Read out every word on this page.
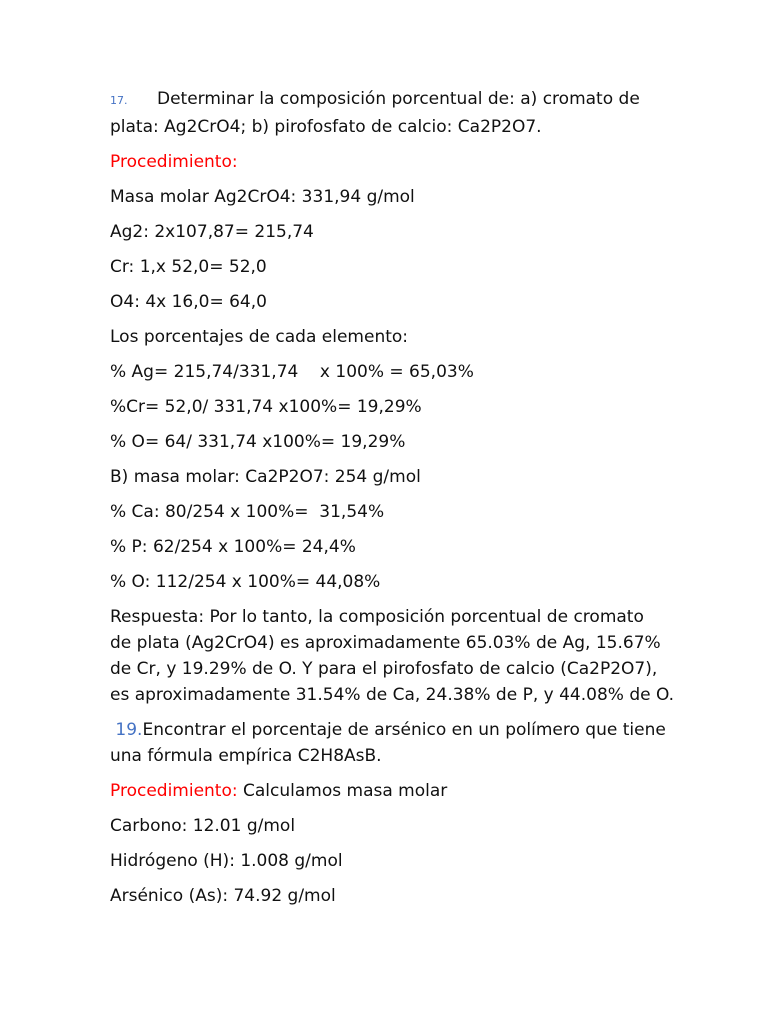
17. Determinar la composición porcentual de: a) cromato de
plata: Ag2CrO4; b) pirofosfato de calcio: Ca2P2O7.
Procedimiento:
Masa molar Ag2CrO4: 331,94 g/mol
Ag2: 2x107,87= 215,74
Cr: 1,x 52,0= 52,0
O4: 4x 16,0= 64,0
Los porcentajes de cada elemento:
% Ag= 215,74/331,74    x 100% = 65,03%
%Cr= 52,0/ 331,74 x100%= 19,29%
% O= 64/ 331,74 x100%= 19,29%
B) masa molar: Ca2P2O7: 254 g/mol
% Ca: 80/254 x 100%=  31,54%
% P: 62/254 x 100%= 24,4%
% O: 112/254 x 100%= 44,08%
Respuesta: Por lo tanto, la composición porcentual de cromato
de plata (Ag2CrO4) es aproximadamente 65.03% de Ag, 15.67%
de Cr, y 19.29% de O. Y para el pirofosfato de calcio (Ca2P2O7),
es aproximadamente 31.54% de Ca, 24.38% de P, y 44.08% de O.
19.Encontrar el porcentaje de arsénico en un polímero que tiene
una fórmula empírica C2H8AsB.
Procedimiento: Calculamos masa molar
Carbono: 12.01 g/mol
Hidrógeno (H): 1.008 g/mol
Arsénico (As): 74.92 g/mol
